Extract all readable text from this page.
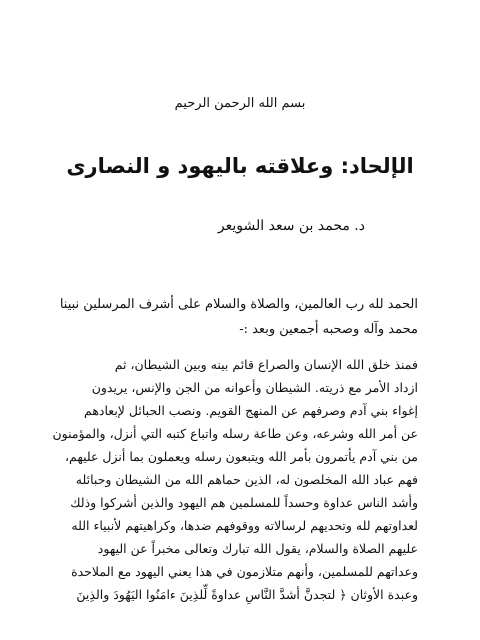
بسم الله الرحمن الرحيم
الإلحاد: وعلاقته باليهود و النصارى
د. محمد بن سعد الشويعر
الحمد لله رب العالمين، والصلاة والسلام على أشرف المرسلين نبينا
محمد وآله وصحبه أجمعين وبعد :-
فمنذ خلق الله الإنسان والصراع قائم بينه وبين الشيطان، ثم
ازداد الأمر مع ذريته. الشيطان وأعوانه من الجن والإنس، يريدون
إغواء بني آدم وصرفهم عن المنهج القويم. ونصب الحبائل لإبعادهم
عن أمر الله وشرعه، وعن طاعة رسله واتباع كتبه التي أنزل، والمؤمنون
من بني آدم يأتمرون بأمر الله ويتبعون رسله ويعملون بما أنزل عليهم،
فهم عباد الله المخلصون له، الذين حماهم الله من الشيطان وحبائله
وأشد الناس عداوة وحسداً للمسلمين هم اليهود والذين أشركوا وذلك
لعداوتهم لله وتحديهم لرسالاته ووقوفهم ضدها، وكراهيتهم لأنبياء الله
عليهم الصلاة والسلام، يقول الله تبارك وتعالى مخبراً عن اليهود
وعداتهم للمسلمين، وأنهم متلازمون في هذا يعني اليهود مع الملاحدة
وعبدة الأوثان ﴿ لتجدنَّ أشدَّ النَّاسِ عداوةً لِّلذِينَ ءامَنُوا اليَهُودَ والذِينَ
